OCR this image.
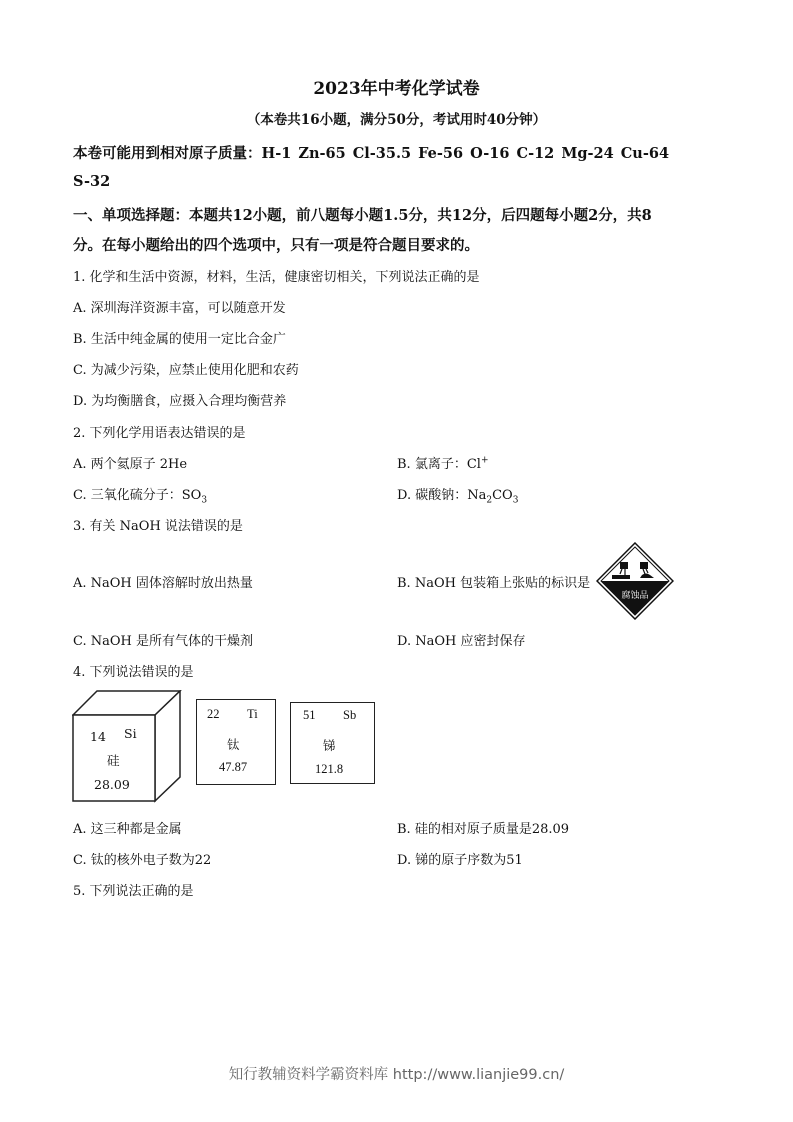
2023年中考化学试卷
（本卷共16小题，满分50分，考试用时40分钟）
本卷可能用到相对原子质量：H-1 Zn-65 Cl-35.5 Fe-56 O-16 C-12 Mg-24 Cu-64
S-32
一、单项选择题：本题共12小题，前八题每小题1.5分，共12分，后四题每小题2分，共8
分。在每小题给出的四个选项中，只有一项是符合题目要求的。
1. 化学和生活中资源，材料，生活，健康密切相关，下列说法正确的是
A. 深圳海洋资源丰富，可以随意开发
B. 生活中纯金属的使用一定比合金广
C. 为减少污染，应禁止使用化肥和农药
D. 为均衡膳食，应摄入合理均衡营养
2. 下列化学用语表达错误的是
A. 两个氦原子 2He	B. 氯离子：Cl+
C. 三氧化硫分子：$SO_3$	D. 碳酸钠：$Na_2CO_3$
3. 有关 NaOH 说法错误的是
A. NaOH 固体溶解时放出热量	B. NaOH 包装箱上张贴的标识是
腐蚀品
C. NaOH 是所有气体的干燥剂	D. NaOH 应密封保存
4. 下列说法错误的是
14 Si
硅
28.09
22 Ti
钛
47.87
51 Sb
锑
121.8
A. 这三种都是金属	B. 硅的相对原子质量是28.09
C. 钛的核外电子数为22	D. 锑的原子序数为51
5. 下列说法正确的是
知行教辅资料学霸资料库 http://www.lianjie99.cn/
